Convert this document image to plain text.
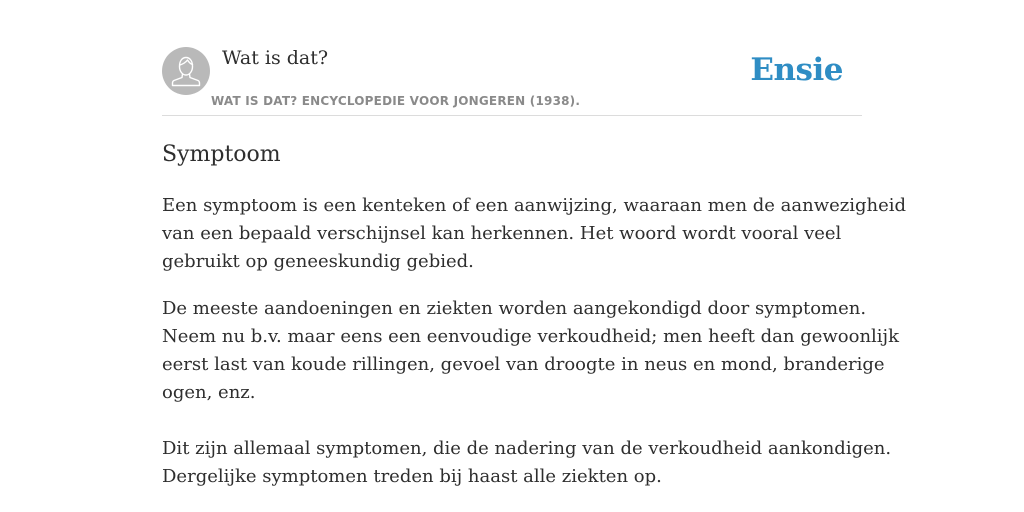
Wat is dat?
WAT IS DAT? ENCYCLOPEDIE VOOR JONGEREN (1938).
Ensie
Symptoom

Een symptoom is een kenteken of een aanwijzing, waaraan men de aanwezigheid
van een bepaald verschijnsel kan herkennen. Het woord wordt vooral veel
gebruikt op geneeskundig gebied.

De meeste aandoeningen en ziekten worden aangekondigd door symptomen.
Neem nu b.v. maar eens een eenvoudige verkoudheid; men heeft dan gewoonlijk
eerst last van koude rillingen, gevoel van droogte in neus en mond, branderige
ogen, enz.

Dit zijn allemaal symptomen, die de nadering van de verkoudheid aankondigen.
Dergelijke symptomen treden bij haast alle ziekten op.
